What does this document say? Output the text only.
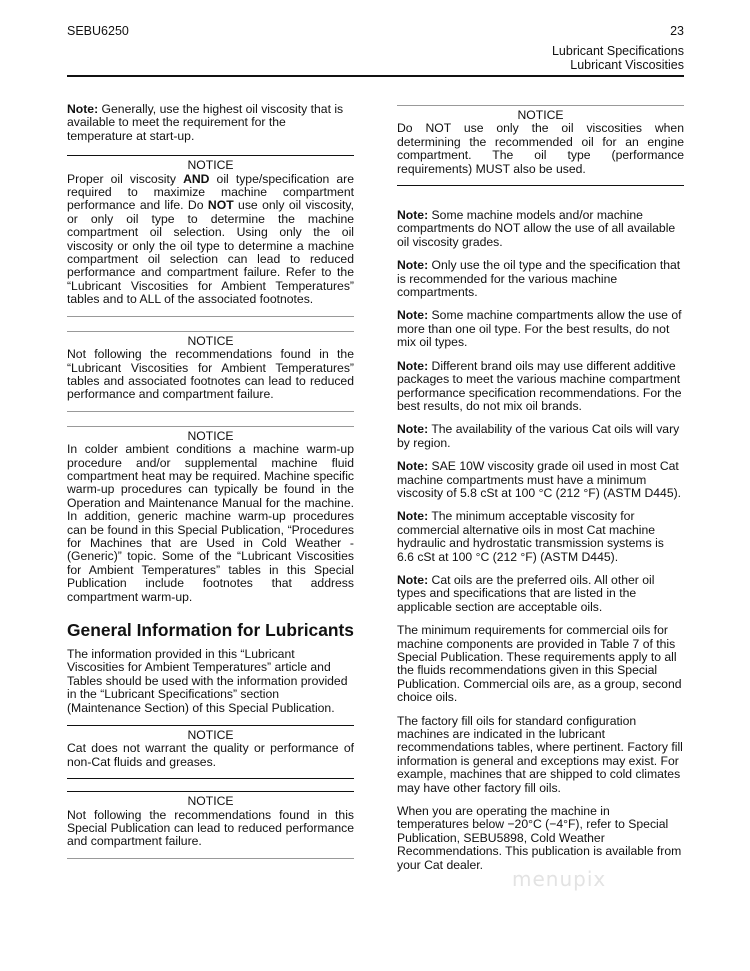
SEBU6250	23
Lubricant Specifications
Lubricant Viscosities

Note: Generally, use the highest oil viscosity that is available to meet the requirement for the temperature at start-up.

NOTICE

Proper oil viscosity AND oil type/specification are required to maximize machine compartment performance and life. Do NOT use only oil viscosity, or only oil type to determine the machine compartment oil selection. Using only the oil viscosity or only the oil type to determine a machine compartment oil selection can lead to reduced performance and compartment failure. Refer to the “Lubricant Viscosities for Ambient Temperatures” tables and to ALL of the associated footnotes.

NOTICE

Not following the recommendations found in the “Lubricant Viscosities for Ambient Temperatures” tables and associated footnotes can lead to reduced performance and compartment failure.

NOTICE

In colder ambient conditions a machine warm-up procedure and/or supplemental machine fluid compartment heat may be required. Machine specific warm-up procedures can typically be found in the Operation and Maintenance Manual for the machine. In addition, generic machine warm-up procedures can be found in this Special Publication, “Procedures for Machines that are Used in Cold Weather - (Generic)” topic. Some of the “Lubricant Viscosities for Ambient Temperatures” tables in this Special Publication include footnotes that address compartment warm-up.

General Information for Lubricants

The information provided in this “Lubricant Viscosities for Ambient Temperatures” article and Tables should be used with the information provided in the “Lubricant Specifications” section (Maintenance Section) of this Special Publication.

NOTICE

Cat does not warrant the quality or performance of non-Cat fluids and greases.

NOTICE

Not following the recommendations found in this Special Publication can lead to reduced performance and compartment failure.

NOTICE

Do NOT use only the oil viscosities when determining the recommended oil for an engine compartment. The oil type (performance requirements) MUST also be used.

Note: Some machine models and/or machine compartments do NOT allow the use of all available oil viscosity grades.

Note: Only use the oil type and the specification that is recommended for the various machine compartments.

Note: Some machine compartments allow the use of more than one oil type. For the best results, do not mix oil types.

Note: Different brand oils may use different additive packages to meet the various machine compartment performance specification recommendations. For the best results, do not mix oil brands.

Note: The availability of the various Cat oils will vary by region.

Note: SAE 10W viscosity grade oil used in most Cat machine compartments must have a minimum viscosity of 5.8 cSt at 100 °C (212 °F) (ASTM D445).

Note: The minimum acceptable viscosity for commercial alternative oils in most Cat machine hydraulic and hydrostatic transmission systems is 6.6 cSt at 100 °C (212 °F) (ASTM D445).

Note: Cat oils are the preferred oils. All other oil types and specifications that are listed in the applicable section are acceptable oils.

The minimum requirements for commercial oils for machine components are provided in Table 7 of this Special Publication. These requirements apply to all the fluids recommendations given in this Special Publication. Commercial oils are, as a group, second choice oils.

The factory fill oils for standard configuration machines are indicated in the lubricant recommendations tables, where pertinent. Factory fill information is general and exceptions may exist. For example, machines that are shipped to cold climates may have other factory fill oils.

When you are operating the machine in temperatures below −20°C (−4°F), refer to Special Publication, SEBU5898, Cold Weather Recommendations. This publication is available from your Cat dealer.

menupix
